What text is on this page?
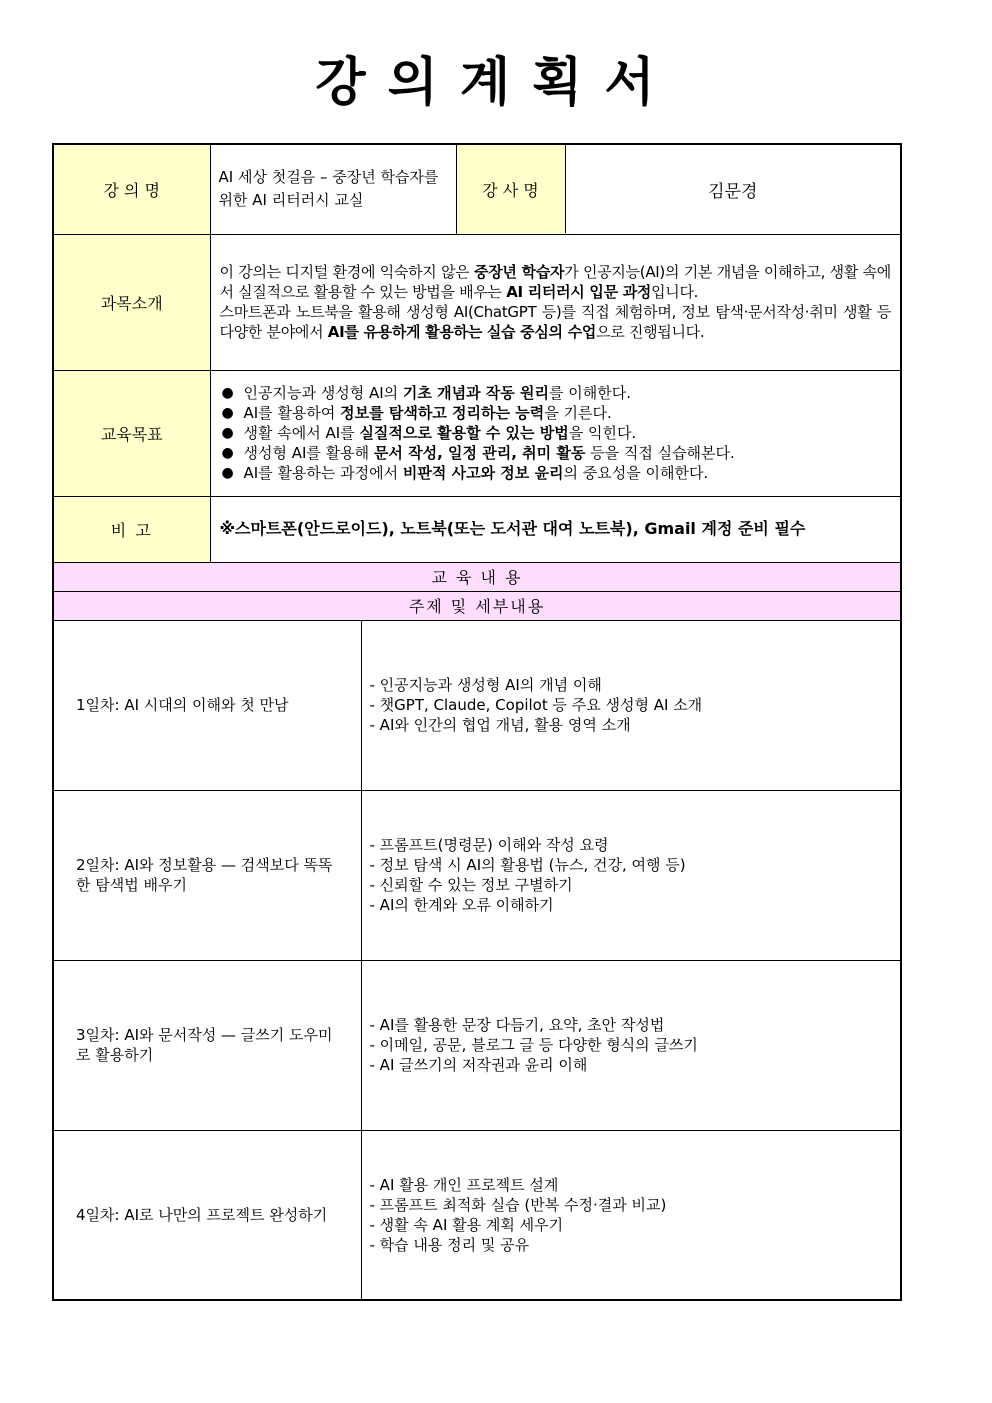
강의계획서
강 의 명	AI 세상 첫걸음 – 중장년 학습자를 위한 AI 리터러시 교실	
강 사 명	김문경

과목소개	
이 강의는 디지털 환경에 익숙하지 않은 중장년 학습자가 인공지능(AI)의 기본 개념을 이해하고, 생활 속에서 실질적으로 활용할 수 있는 방법을 배우는 AI 리터러시 입문 과정입니다.
스마트폰과 노트북을 활용해 생성형 AI(ChatGPT 등)를 직접 체험하며, 정보 탐색·문서작성·취미 생활 등 다양한 분야에서 AI를 유용하게 활용하는 실습 중심의 수업으로 진행됩니다.

교육목표	
● 인공지능과 생성형 AI의 기초 개념과 작동 원리를 이해한다.
● AI를 활용하여 정보를 탐색하고 정리하는 능력을 기른다.
● 생활 속에서 AI를 실질적으로 활용할 수 있는 방법을 익힌다.
● 생성형 AI를 활용해 문서 작성, 일정 관리, 취미 활동 등을 직접 실습해본다.
● AI를 활용하는 과정에서 비판적 사고와 정보 윤리의 중요성을 이해한다.

비 고	※스마트폰(안드로이드), 노트북(또는 도서관 대여 노트북), Gmail 계정 준비 필수
교 육 내 용
주제 및 세부내용
1일차: AI 시대의 이해와 첫 만남	
- 인공지능과 생성형 AI의 개념 이해
- 챗GPT, Claude, Copilot 등 주요 생성형 AI 소개
- AI와 인간의 협업 개념, 활용 영역 소개

2일차: AI와 정보활용 — 검색보다 똑똑한 탐색법 배우기	
- 프롬프트(명령문) 이해와 작성 요령
- 정보 탐색 시 AI의 활용법 (뉴스, 건강, 여행 등)
- 신뢰할 수 있는 정보 구별하기
- AI의 한계와 오류 이해하기

3일차: AI와 문서작성 — 글쓰기 도우미로 활용하기	
- AI를 활용한 문장 다듬기, 요약, 초안 작성법
- 이메일, 공문, 블로그 글 등 다양한 형식의 글쓰기
- AI 글쓰기의 저작권과 윤리 이해

4일차: AI로 나만의 프로젝트 완성하기	
- AI 활용 개인 프로젝트 설계
- 프롬프트 최적화 실습 (반복 수정·결과 비교)
- 생활 속 AI 활용 계획 세우기
- 학습 내용 정리 및 공유
